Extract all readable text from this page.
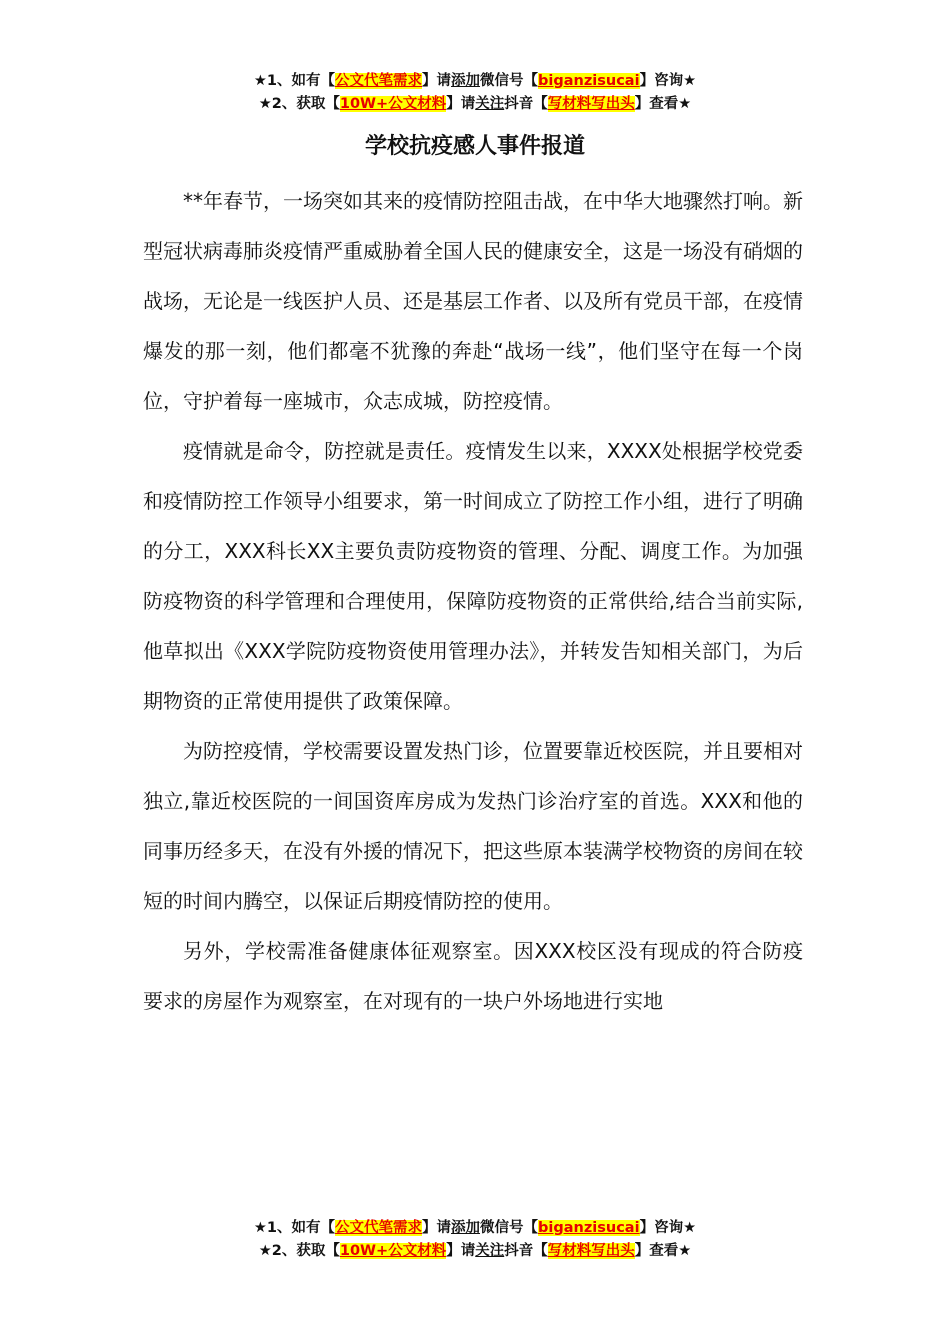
★1、如有【公文代笔需求】请添加微信号【biganzisucai】咨询★
★2、获取【10W+公文材料】请关注抖音【写材料写出头】查看★
学校抗疫感人事件报道

**年春节，一场突如其来的疫情防控阻击战，在中华大地骤然打响。新型冠状病毒肺炎疫情严重威胁着全国人民的健康安全，这是一场没有硝烟的战场，无论是一线医护人员、还是基层工作者、以及所有党员干部，在疫情爆发的那一刻，他们都毫不犹豫的奔赴“战场一线”，他们坚守在每一个岗位，守护着每一座城市，众志成城，防控疫情。

疫情就是命令，防控就是责任。疫情发生以来，XXXX处根据学校党委和疫情防控工作领导小组要求，第一时间成立了防控工作小组，进行了明确的分工，XXX科长XX主要负责防疫物资的管理、分配、调度工作。为加强防疫物资的科学管理和合理使用，保障防疫物资的正常供给,结合当前实际,他草拟出《XXX学院防疫物资使用管理办法》，并转发告知相关部门，为后期物资的正常使用提供了政策保障。

为防控疫情，学校需要设置发热门诊，位置要靠近校医院，并且要相对独立,靠近校医院的一间国资库房成为发热门诊治疗室的首选。XXX和他的同事历经多天，在没有外援的情况下，把这些原本装满学校物资的房间在较短的时间内腾空，以保证后期疫情防控的使用。

另外，学校需准备健康体征观察室。因XXX校区没有现成的符合防疫要求的房屋作为观察室，在对现有的一块户外场地进行实地

★1、如有【公文代笔需求】请添加微信号【biganzisucai】咨询★
★2、获取【10W+公文材料】请关注抖音【写材料写出头】查看★
